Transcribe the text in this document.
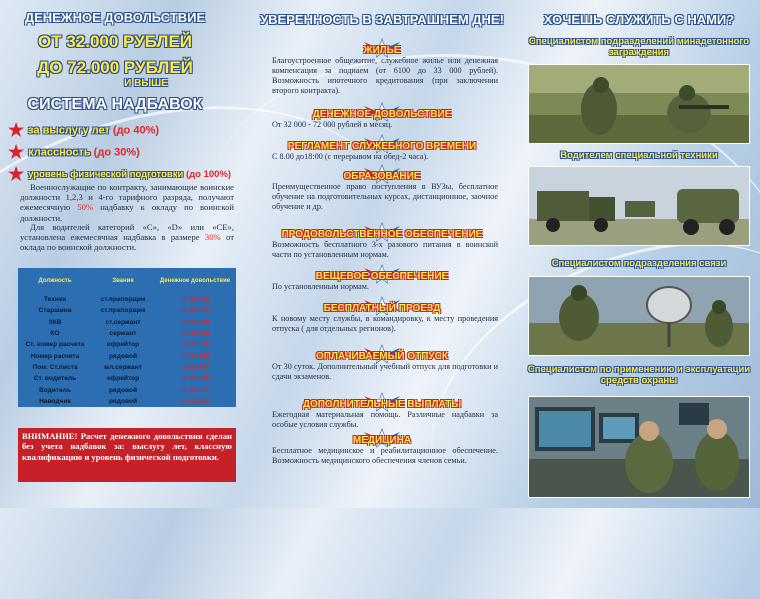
ДЕНЕЖНОЕ ДОВОЛЬСТВИЕ
ОТ 32.000 РУБЛЕЙ
ДО 72.000 РУБЛЕЙ
И ВЫШЕ
СИСТЕМА НАДБАВОК
★ за выслугу лет (до 40%)
★ классность (до 30%)
★ уровень физической подготовки (до 100%)
Военнослужащие по контракту, занимающие воинские должности 1,2,3 и 4-го тарифного разряда, получают ежемесячную 50% надбавку к окладу по воинской должности.
Для водителей категорий «С», «D» или «СЕ», установлена ежемесячная надбавка в размере 30% от оклада по воинской должности.
Должность	Звание	Денежное довольствие
Техник	ст.прапорщик	от 48 248
Старшина	ст.прапорщик	от 42 939
ЗКВ	ст.сержант	от 43 768
КО	сержант	от 45 298
Ст. номер расчета	ефрейтор	от 35 626
Номер расчета	рядовой	от 33 148
Пом. Ст.писта	мл.сержант	от 37 867
Ст. водитель	ефрейтор	от 35 649
Водитель	рядовой	от 32 617
Наводчик	рядовой	от 32 201
ВНИМАНИЕ! Расчет денежного довольствия сделан без учета надбавок за: выслугу лет, классную квалификацию и уровень физической подготовки.
УВЕРЕННОСТЬ В ЗАВТРАШНЕМ ДНЕ!
ЖИЛЬЕ
Благоустроенное общежитие, служебное жилье или денежная компенсация за поднаем (от 6100 до 33 000 рублей). Возможность ипотечного кредитования (при заключении второго контракта).
ДЕНЕЖНОЕ ДОВОЛЬСТВИЕ
От 32 000 - 72 000 рублей в месяц.
РЕГЛАМЕНТ СЛУЖЕБНОГО ВРЕМЕНИ
С 8.00 до18:00 (с перерывом на обед-2 часа).
ОБРАЗОВАНИЕ
Преимущественное право поступления в ВУЗы, бесплатное обучение на подготовительных курсах, дистанционное, заочное обучение и др.
ПРОДОВОЛЬСТВЕННОЕ ОБЕСПЕЧЕНИЕ
Возможность бесплатного 3-х разового питания в воинской части по установленным нормам.
ВЕЩЕВОЕ ОБЕСПЕЧЕНИЕ
По установленным нормам.
БЕСПЛАТНЫЙ ПРОЕЗД
К новому месту службы, в командировку, к месту проведения отпуска ( для отдельных регионов).
ОПЛАЧИВАЕМЫЙ ОТПУСК
От 30 суток. Дополнительный учебный отпуск для подготовки и сдачи экзаменов.
ДОПОЛНИТЕЛЬНЫЕ ВЫПЛАТЫ
Ежегодная материальная помощь. Различные надбавки за особые условия службы.
МЕДИЦИНА
Бесплатное медицинское и реабилитационное обеспечение. Возможность медицинского обеспечения членов семьи.
ХОЧЕШЬ СЛУЖИТЬ С НАМИ?
Специалистом подразделений минадетонного заграждения
Водителем специальной техники
Специалистом подразделения связи
Специалистом по применению и эксплуатации средств охраны
